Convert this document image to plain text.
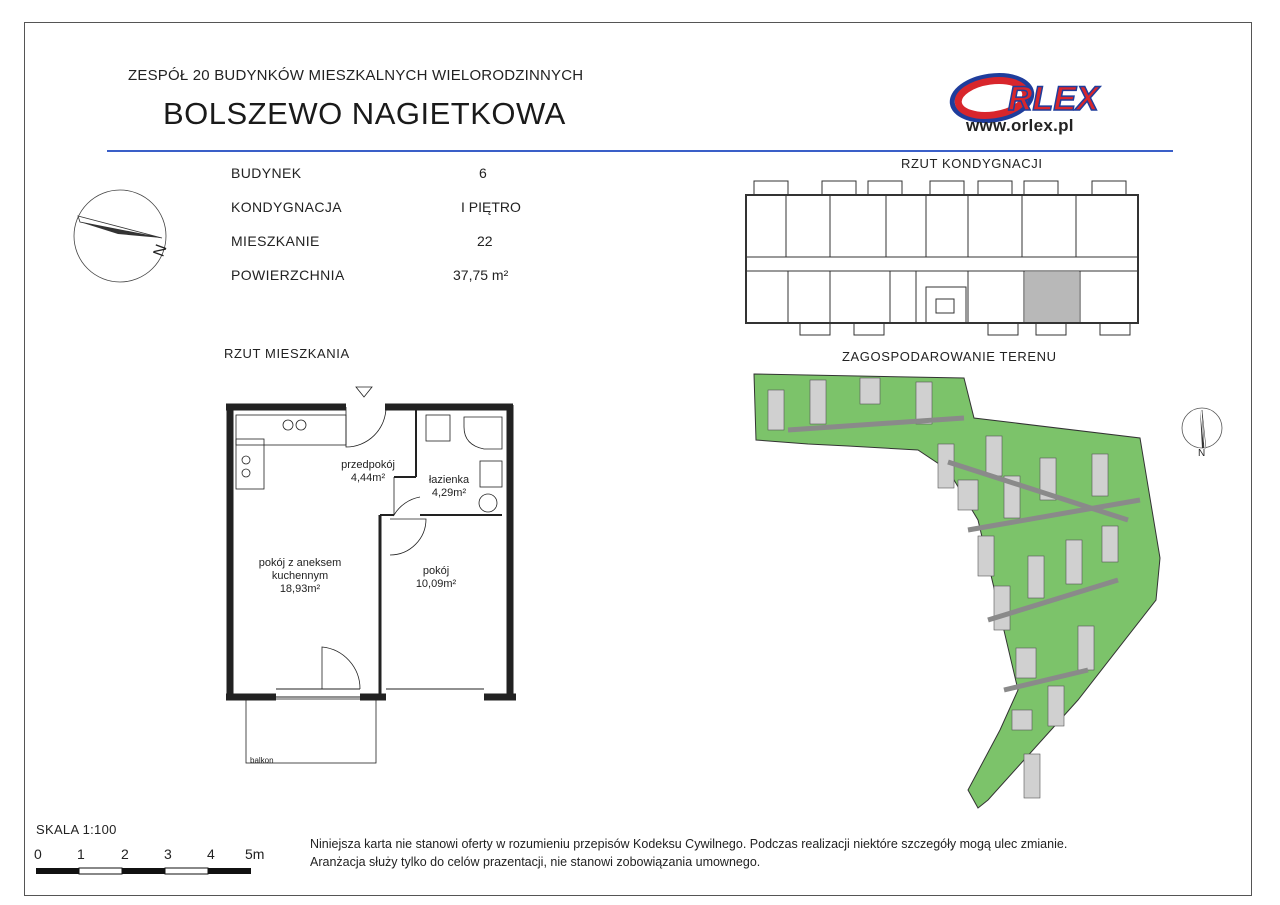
ZESPÓŁ 20 BUDYNKÓW MIESZKALNYCH WIELORODZINNYCH
BOLSZEWO NAGIETKOWA	RLEX
www.orlex.pl
BUDYNEK	6
KONDYGNACJA	I PIĘTRO
MIESZKANIE	22
POWIERZCHNIA	37,75 m²
N
RZUT KONDYGNACJI
ZAGOSPODAROWANIE TERENU
RZUT MIESZKANIA
N
przedpokój
4,44m²	łazienka
4,29m²
pokój z aneksem
kuchennym
18,93m²
pokój
10,09m²
balkon
SKALA 1:100
0	1	2	3	4 5m
Niniejsza karta nie stanowi oferty w rozumieniu przepisów Kodeksu Cywilnego. Podczas realizacji niektóre szczegóły mogą ulec zmianie.
Aranżacja służy tylko do celów prazentacji, nie stanowi zobowiązania umownego.
